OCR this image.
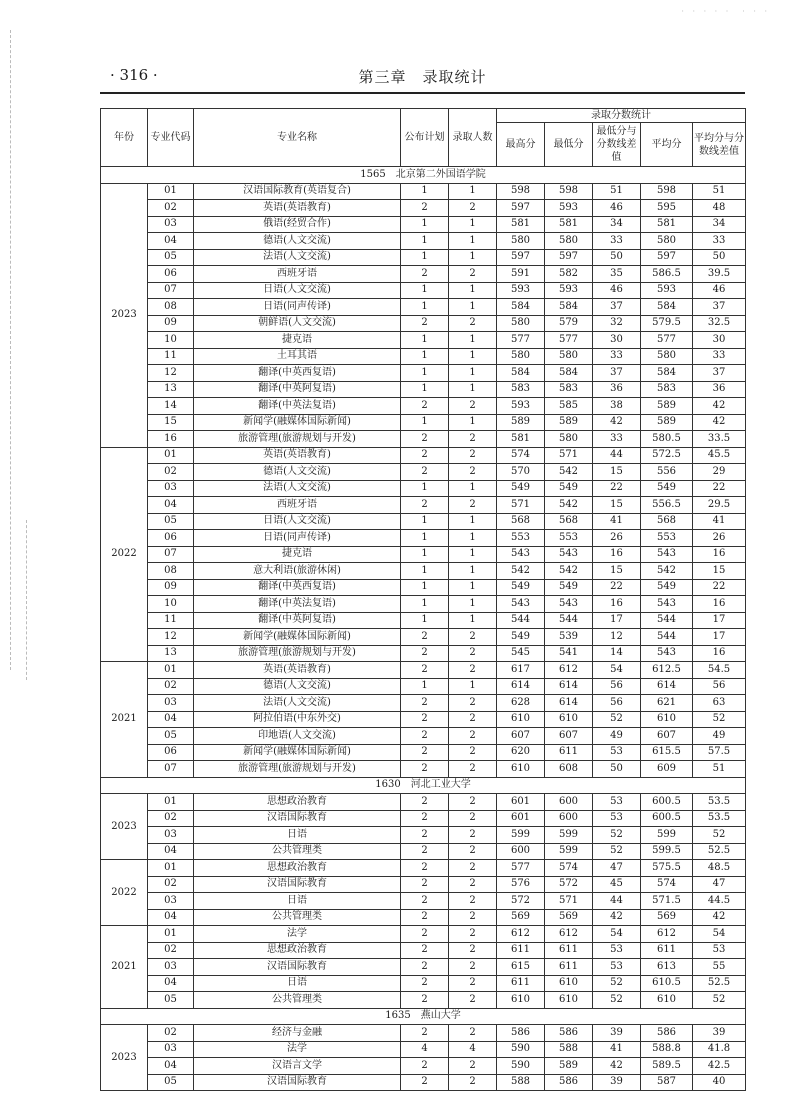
· · · · ·　· · ·
· 316 ·	第三章　录取统计
年份	专业代码	专业名称	公布计划	录取人数	录取分数统计				
					最高分	最低分	最低分与分数线差值	平均分	平均分与分数线差值
1565　北京第二外国语学院									
2023	01	汉语国际教育(英语复合)	1	1	598	598	51	598	51
	02	英语(英语教育)	2	2	597	593	46	595	48
	03	俄语(经贸合作)	1	1	581	581	34	581	34
	04	德语(人文交流)	1	1	580	580	33	580	33
	05	法语(人文交流)	1	1	597	597	50	597	50
	06	西班牙语	2	2	591	582	35	586.5	39.5
	07	日语(人文交流)	1	1	593	593	46	593	46
	08	日语(同声传译)	1	1	584	584	37	584	37
	09	朝鲜语(人文交流)	2	2	580	579	32	579.5	32.5
	10	捷克语	1	1	577	577	30	577	30
	11	土耳其语	1	1	580	580	33	580	33
	12	翻译(中英西复语)	1	1	584	584	37	584	37
	13	翻译(中英阿复语)	1	1	583	583	36	583	36
	14	翻译(中英法复语)	2	2	593	585	38	589	42
	15	新闻学(融媒体国际新闻)	1	1	589	589	42	589	42
	16	旅游管理(旅游规划与开发)	2	2	581	580	33	580.5	33.5
2022	01	英语(英语教育)	2	2	574	571	44	572.5	45.5
	02	德语(人文交流)	2	2	570	542	15	556	29
	03	法语(人文交流)	1	1	549	549	22	549	22
	04	西班牙语	2	2	571	542	15	556.5	29.5
	05	日语(人文交流)	1	1	568	568	41	568	41
	06	日语(同声传译)	1	1	553	553	26	553	26
	07	捷克语	1	1	543	543	16	543	16
	08	意大利语(旅游休闲)	1	1	542	542	15	542	15
	09	翻译(中英西复语)	1	1	549	549	22	549	22
	10	翻译(中英法复语)	1	1	543	543	16	543	16
	11	翻译(中英阿复语)	1	1	544	544	17	544	17
	12	新闻学(融媒体国际新闻)	2	2	549	539	12	544	17
	13	旅游管理(旅游规划与开发)	2	2	545	541	14	543	16
2021	01	英语(英语教育)	2	2	617	612	54	612.5	54.5
	02	德语(人文交流)	1	1	614	614	56	614	56
	03	法语(人文交流)	2	2	628	614	56	621	63
	04	阿拉伯语(中东外交)	2	2	610	610	52	610	52
	05	印地语(人文交流)	2	2	607	607	49	607	49
	06	新闻学(融媒体国际新闻)	2	2	620	611	53	615.5	57.5
	07	旅游管理(旅游规划与开发)	2	2	610	608	50	609	51
1630　河北工业大学									
2023	01	思想政治教育	2	2	601	600	53	600.5	53.5
	02	汉语国际教育	2	2	601	600	53	600.5	53.5
	03	日语	2	2	599	599	52	599	52
	04	公共管理类	2	2	600	599	52	599.5	52.5
2022	01	思想政治教育	2	2	577	574	47	575.5	48.5
	02	汉语国际教育	2	2	576	572	45	574	47
	03	日语	2	2	572	571	44	571.5	44.5
	04	公共管理类	2	2	569	569	42	569	42
2021	01	法学	2	2	612	612	54	612	54
	02	思想政治教育	2	2	611	611	53	611	53
	03	汉语国际教育	2	2	615	611	53	613	55
	04	日语	2	2	611	610	52	610.5	52.5
	05	公共管理类	2	2	610	610	52	610	52
1635　燕山大学									
2023	02	经济与金融	2	2	586	586	39	586	39
	03	法学	4	4	590	588	41	588.8	41.8
	04	汉语言文学	2	2	590	589	42	589.5	42.5
	05	汉语国际教育	2	2	588	586	39	587	40
